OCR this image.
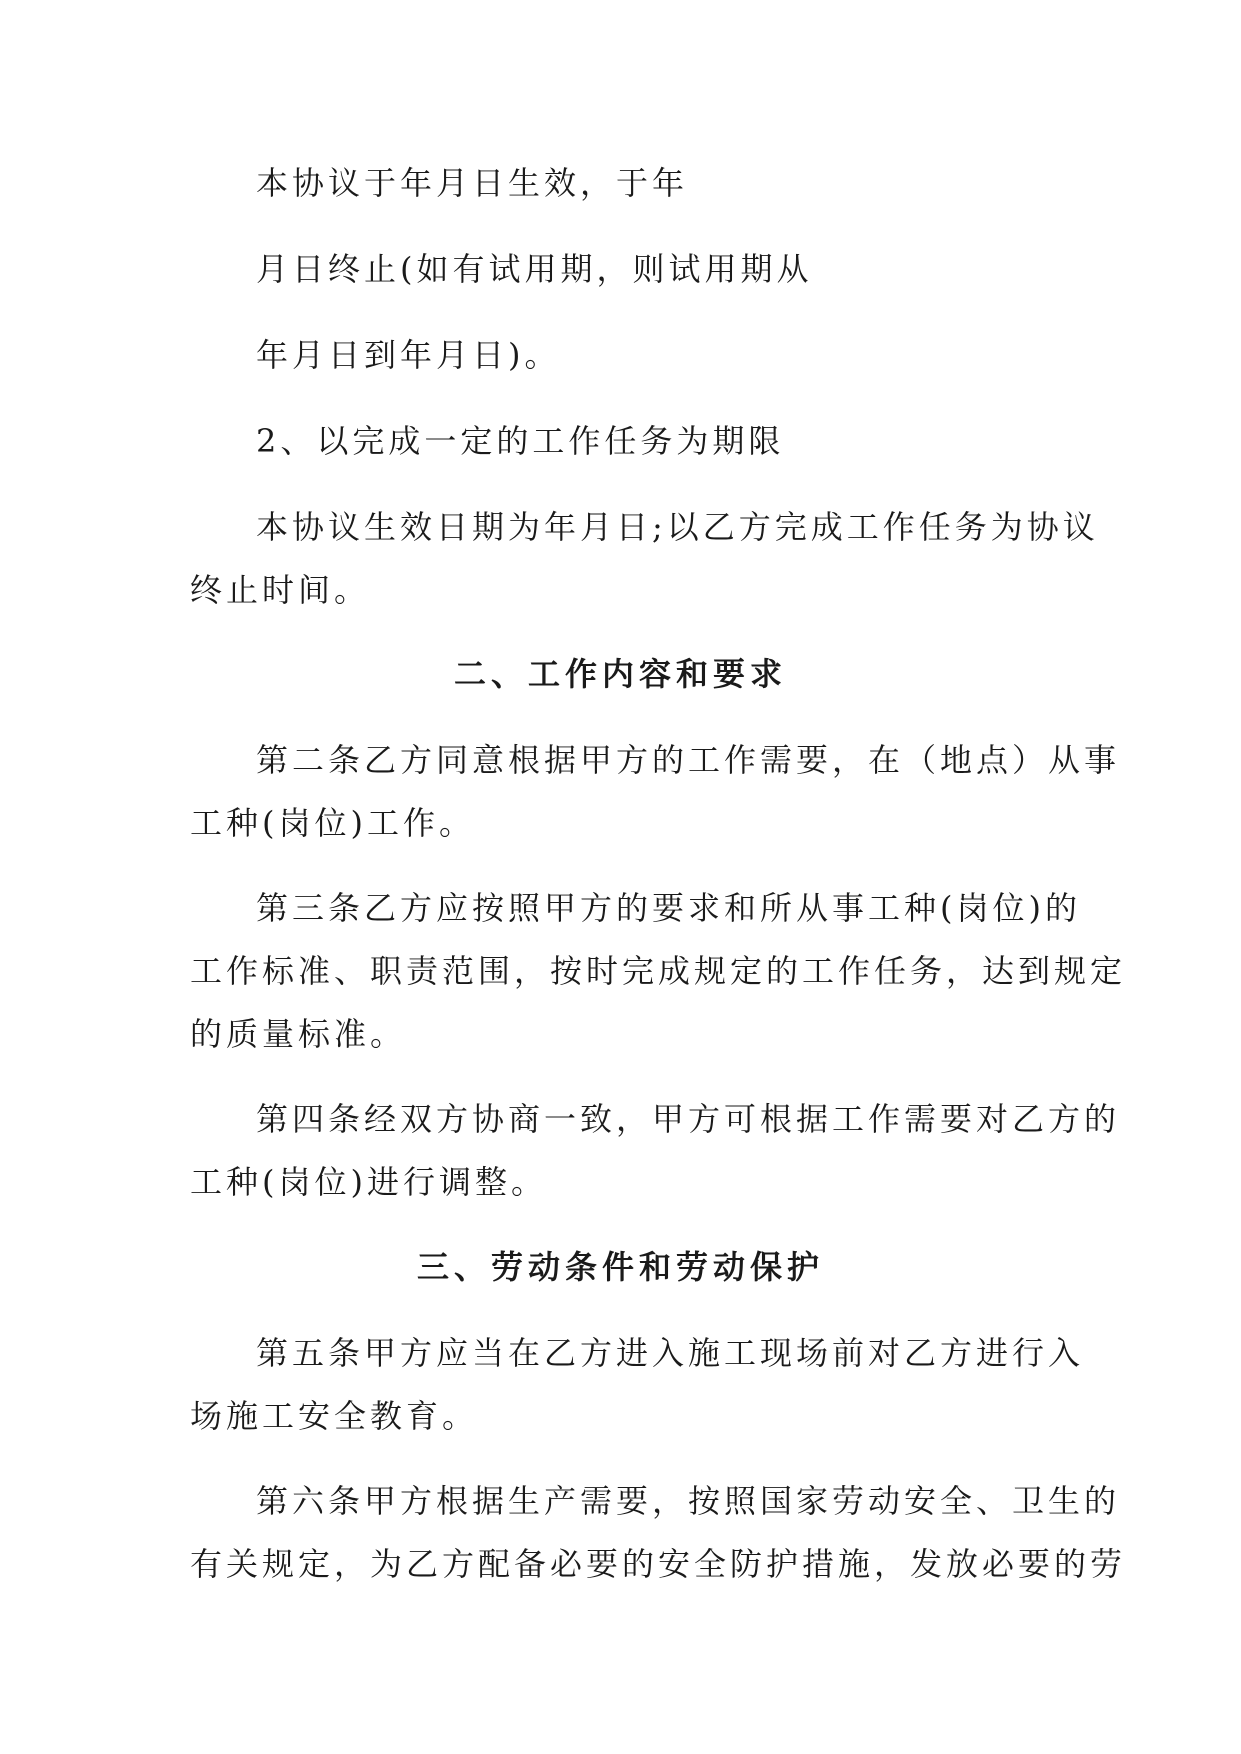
本协议于年月日生效，于年
月日终止(如有试用期，则试用期从
年月日到年月日)。
2、以完成一定的工作任务为期限
本协议生效日期为年月日;以乙方完成工作任务为协议
终止时间。
二、工作内容和要求
第二条乙方同意根据甲方的工作需要，在（地点）从事
工种(岗位)工作。
第三条乙方应按照甲方的要求和所从事工种(岗位)的
工作标准、职责范围，按时完成规定的工作任务，达到规定
的质量标准。
第四条经双方协商一致，甲方可根据工作需要对乙方的
工种(岗位)进行调整。
三、劳动条件和劳动保护
第五条甲方应当在乙方进入施工现场前对乙方进行入
场施工安全教育。
第六条甲方根据生产需要，按照国家劳动安全、卫生的
有关规定，为乙方配备必要的安全防护措施，发放必要的劳
